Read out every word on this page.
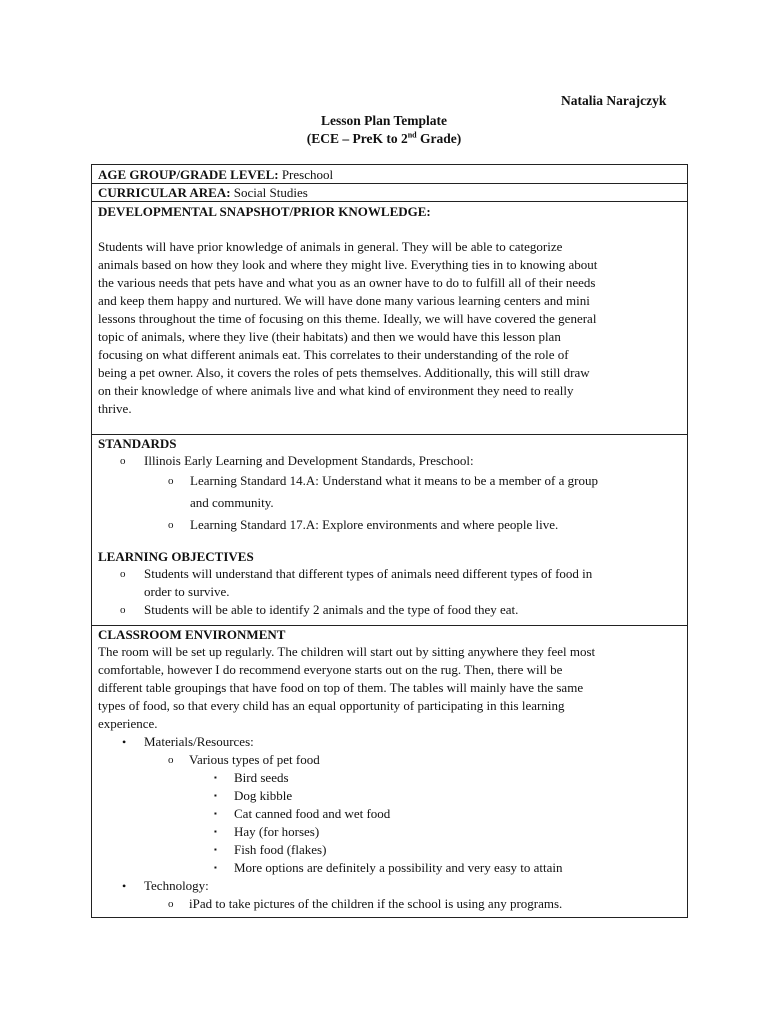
Natalia Narajczyk

Lesson Plan Template
(ECE – PreK to 2nd Grade)
AGE GROUP/GRADE LEVEL: Preschool
CURRICULAR AREA: Social Studies

DEVELOPMENTAL SNAPSHOT/PRIOR KNOWLEDGE:

Students will have prior knowledge of animals in general. They will be able to categorize

animals based on how they look and where they might live. Everything ties in to knowing about

the various needs that pets have and what you as an owner have to do to fulfill all of their needs

and keep them happy and nurtured. We will have done many various learning centers and mini

lessons throughout the time of focusing on this theme. Ideally, we will have covered the general

topic of animals, where they live (their habitats) and then we would have this lesson plan

focusing on what different animals eat. This correlates to their understanding of the role of

being a pet owner. Also, it covers the roles of pets themselves. Additionally, this will still draw

on their knowledge of where animals live and what kind of environment they need to really

thrive.

STANDARDS

o Illinois Early Learning and Development Standards, Preschool:
o Learning Standard 14.A: Understand what it means to be a member of a group
and community.
o Learning Standard 17.A: Explore environments and where people live.

LEARNING OBJECTIVES

o Students will understand that different types of animals need different types of food in
order to survive.
o Students will be able to identify 2 animals and the type of food they eat.

CLASSROOM ENVIRONMENT

The room will be set up regularly. The children will start out by sitting anywhere they feel most

comfortable, however I do recommend everyone starts out on the rug. Then, there will be

different table groupings that have food on top of them. The tables will mainly have the same

types of food, so that every child has an equal opportunity of participating in this learning

experience.

• Materials/Resources:
o Various types of pet food
▪ Bird seeds
▪ Dog kibble
▪ Cat canned food and wet food
▪ Hay (for horses)
▪ Fish food (flakes)
▪ More options are definitely a possibility and very easy to attain
• Technology:
o iPad to take pictures of the children if the school is using any programs.
